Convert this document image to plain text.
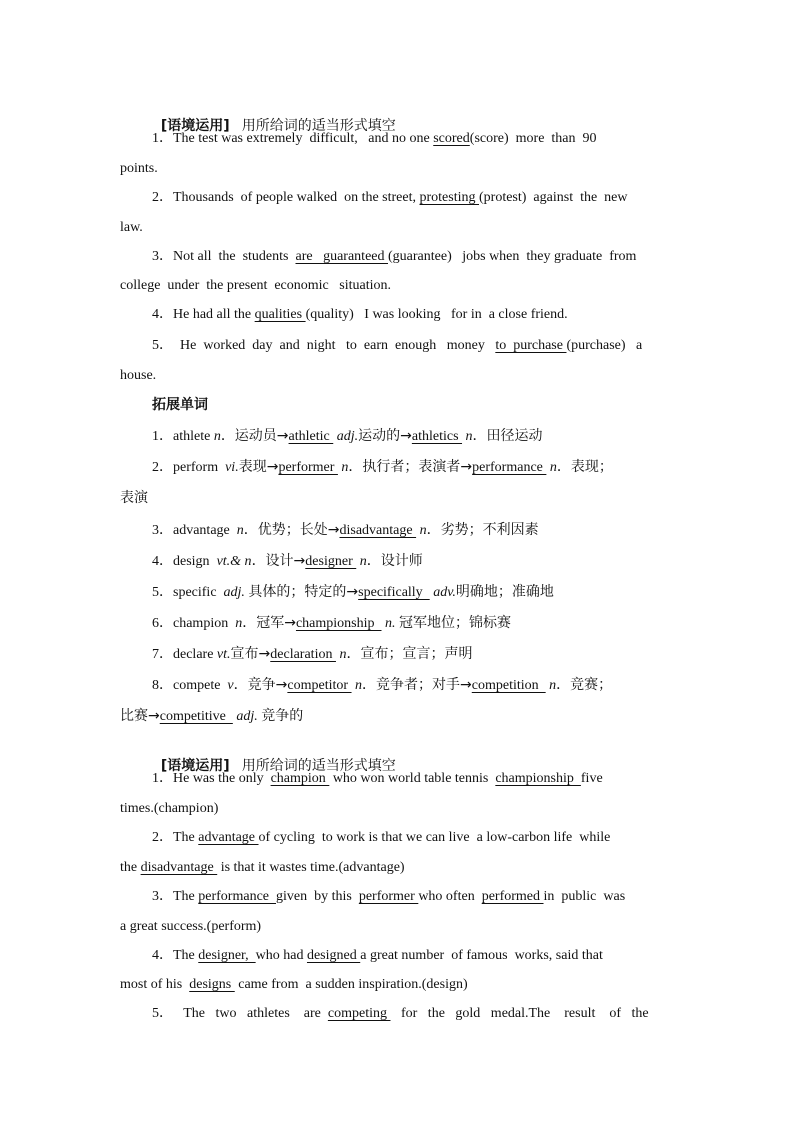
[语境运用] 用所给词的适当形式填空

1．The test was extremely  difficult,   and no one scored(score)  more  than  90
points.
2．Thousands  of people walked  on the street, protesting (protest)  against  the  new
law.
3．Not all  the  students  are   guaranteed (guarantee)   jobs when  they graduate  from
college  under  the present  economic   situation.
4．He had all the qualities (quality)   I was looking   for in  a close friend.
5．  He  worked  day  and  night   to  earn  enough   money   to  purchase (purchase)   a
house.
拓展单词
1．athlete n．运动员→athletic  adj.运动的→athletics  n．田径运动
2．perform vi.表现→performer  n．执行者；表演者→performance  n．表现；
表演
3．advantage n．优势；长处→disadvantage  n．劣势；不利因素
4．design vt.& n．设计→designer  n．设计师
5．specific adj. 具体的；特定的→specifically   adv.明确地；准确地
6．champion n．冠军→championship   n. 冠军地位；锦标赛
7．declare vt.宣布→declaration  n．宣布；宣言；声明
8．compete v．竞争→competitor  n．竞争者；对手→competition   n．竞赛；
比赛→competitive   adj. 竞争的

[语境运用] 用所给词的适当形式填空

1．He was the only  champion  who won world table tennis  championship  five
times.(champion)
2．The advantage of cycling  to work is that we can live  a low-carbon life  while
the disadvantage  is that it wastes time.(advantage)
3．The performance  given  by this  performer who often  performed in  public  was
a great success.(perform)
4．The designer,  who had designed a great number  of famous  works, said that
most of his  designs  came from  a sudden inspiration.(design)
5．   The   two   athletes    are  competing    for   the   gold   medal.The    result    of   the
